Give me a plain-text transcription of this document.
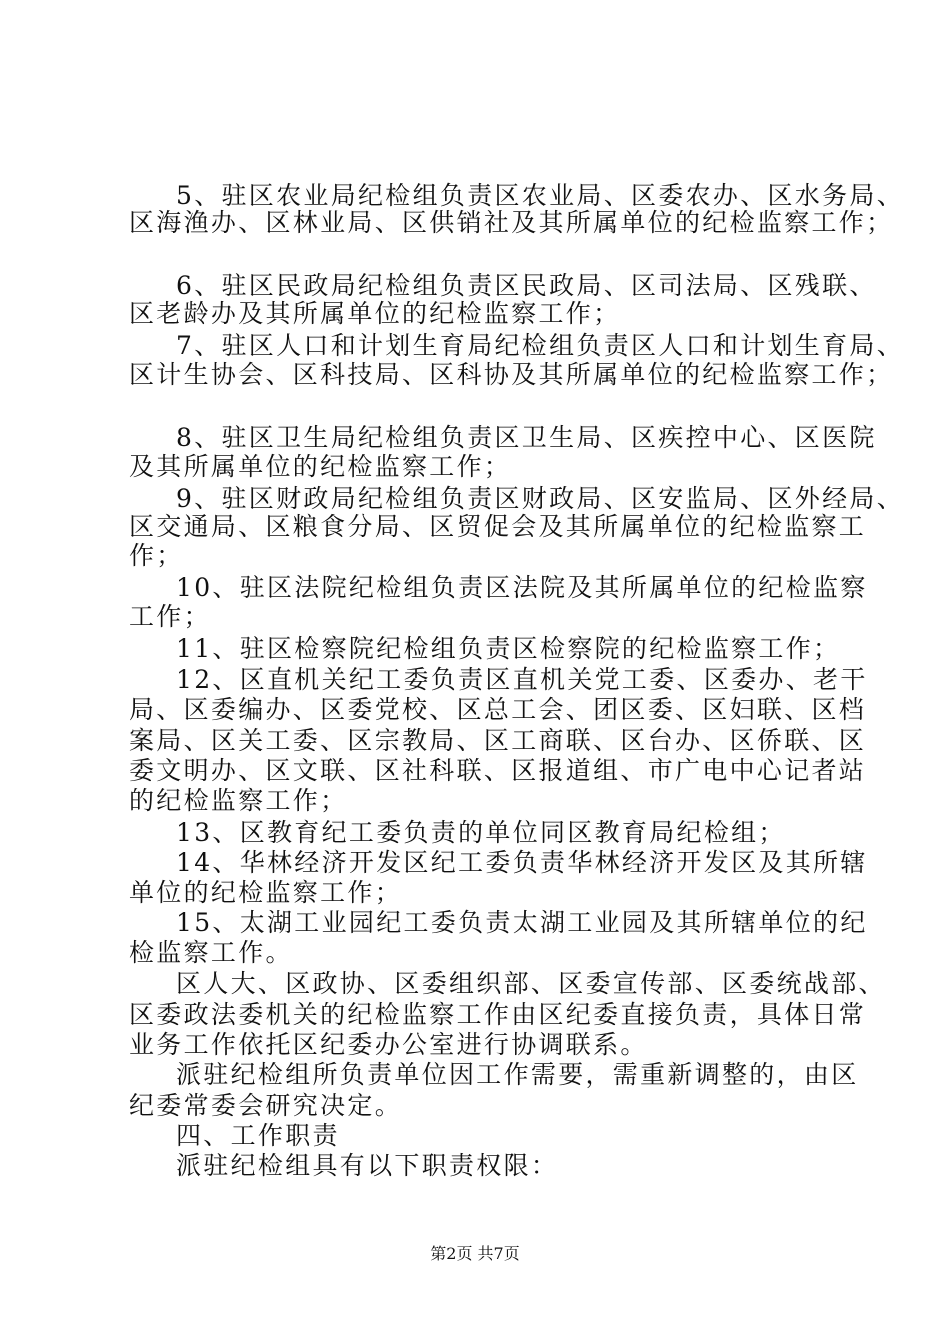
5、驻区农业局纪检组负责区农业局、区委农办、区水务局、
区海渔办、区林业局、区供销社及其所属单位的纪检监察工作；
6、驻区民政局纪检组负责区民政局、区司法局、区残联、
区老龄办及其所属单位的纪检监察工作；
7、驻区人口和计划生育局纪检组负责区人口和计划生育局、
区计生协会、区科技局、区科协及其所属单位的纪检监察工作；
8、驻区卫生局纪检组负责区卫生局、区疾控中心、区医院
及其所属单位的纪检监察工作；
9、驻区财政局纪检组负责区财政局、区安监局、区外经局、
区交通局、区粮食分局、区贸促会及其所属单位的纪检监察工
作；
10、驻区法院纪检组负责区法院及其所属单位的纪检监察
工作；
11、驻区检察院纪检组负责区检察院的纪检监察工作；
12、区直机关纪工委负责区直机关党工委、区委办、老干
局、区委编办、区委党校、区总工会、团区委、区妇联、区档
案局、区关工委、区宗教局、区工商联、区台办、区侨联、区
委文明办、区文联、区社科联、区报道组、市广电中心记者站
的纪检监察工作；
13、区教育纪工委负责的单位同区教育局纪检组；
14、华林经济开发区纪工委负责华林经济开发区及其所辖
单位的纪检监察工作；
15、太湖工业园纪工委负责太湖工业园及其所辖单位的纪
检监察工作。
区人大、区政协、区委组织部、区委宣传部、区委统战部、
区委政法委机关的纪检监察工作由区纪委直接负责，具体日常
业务工作依托区纪委办公室进行协调联系。
派驻纪检组所负责单位因工作需要，需重新调整的，由区
纪委常委会研究决定。
四、工作职责
派驻纪检组具有以下职责权限：
第2页 共7页
